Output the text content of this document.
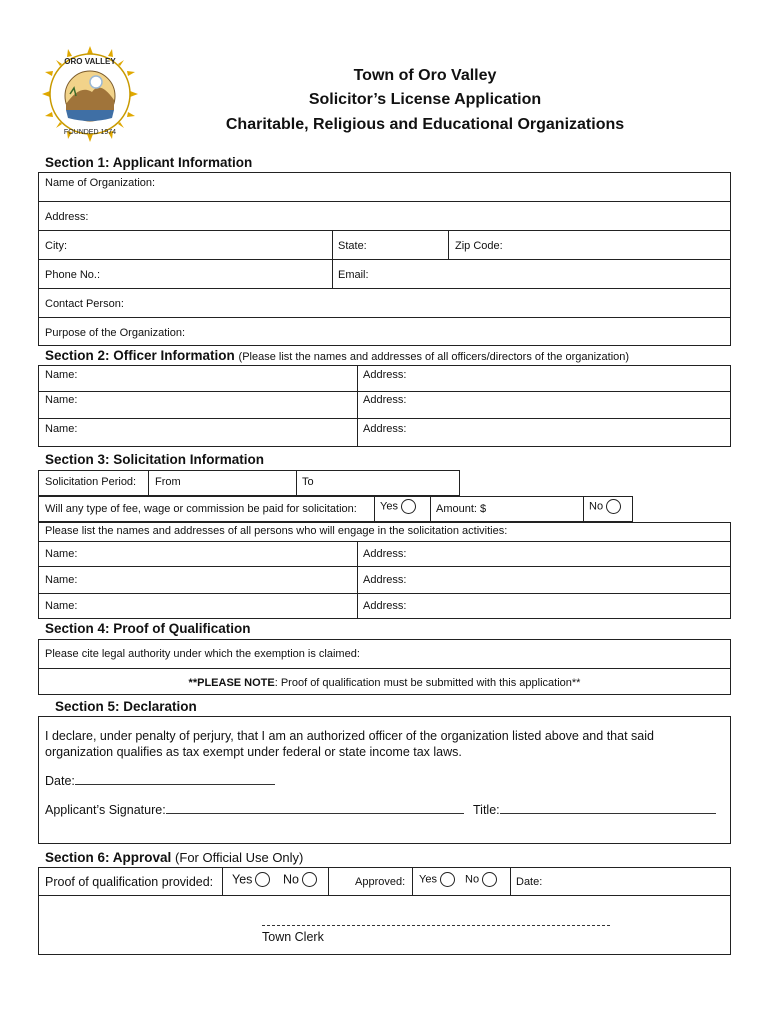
ORO VALLEY
FOUNDED 1974
Town of Oro Valley
Solicitor’s License Application
Charitable, Religious and Educational Organizations
Section 1: Applicant Information
Name of Organization:
Address:
City:	State:	Zip Code:
Phone No.:	Email:
Contact Person:
Purpose of the Organization:
Section 2: Officer Information (Please list the names and addresses of all officers/directors of the organization)
Name:	Address:
Name:	Address:
Name:	Address:
Section 3: Solicitation Information
Solicitation Period: From	To
Will any type of fee, wage or commission be paid for solicitation: Yes	Amount: $	No
Please list the names and addresses of all persons who will engage in the solicitation activities:
Name:	Address:
Name:	Address:
Name:	Address:
Section 4: Proof of Qualification
Please cite legal authority under which the exemption is claimed:
**PLEASE NOTE: Proof of qualification must be submitted with this application**
Section 5: Declaration
I declare, under penalty of perjury, that I am an authorized officer of the organization listed above and that said organization qualifies as tax exempt under federal or state income tax laws.
Date:
Applicant’s Signature:	Title:
Section 6: Approval (For Official Use Only)
Proof of qualification provided: Yes	No	Approved: Yes	No	Date:
Town Clerk
